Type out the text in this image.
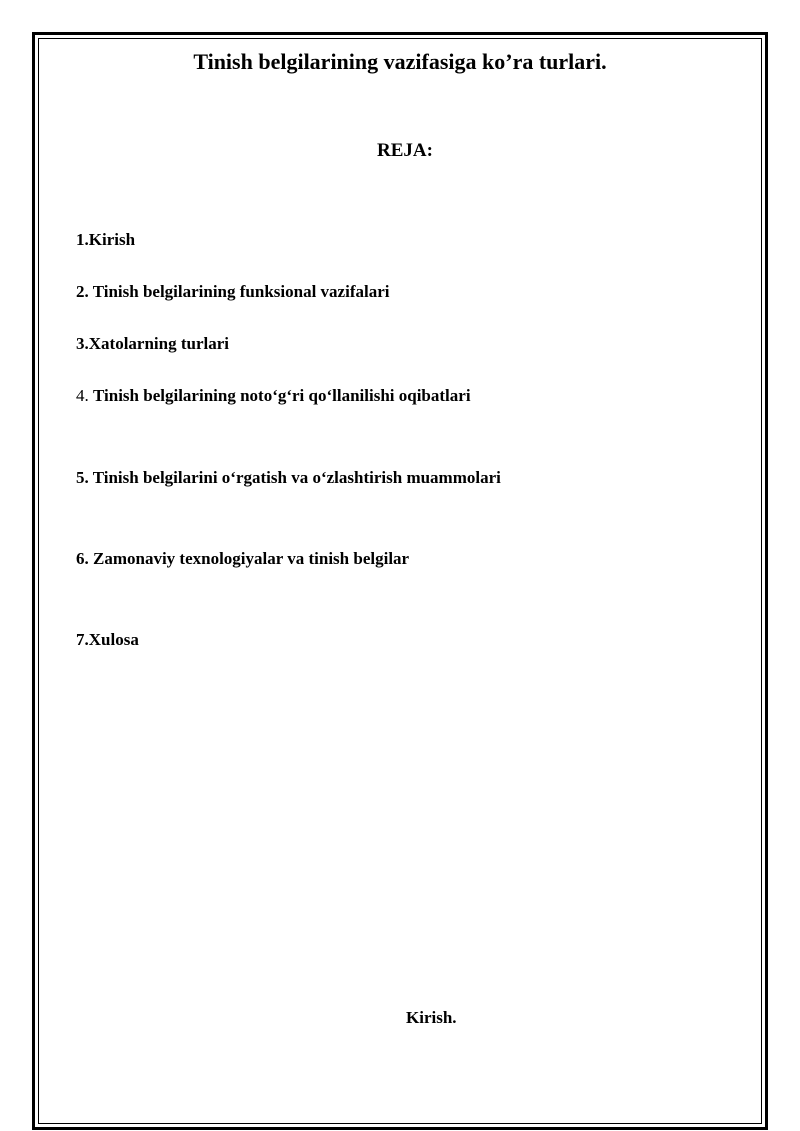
Tinish belgilarining vazifasiga ko’ra turlari.
REJA:
1.Kirish
2. Tinish belgilarining funksional vazifalari
3.Xatolarning turlari
4. Tinish belgilarining noto‘g‘ri qo‘llanilishi oqibatlari
5. Tinish belgilarini o‘rgatish va o‘zlashtirish muammolari
6. Zamonaviy texnologiyalar va tinish belgilar
7.Xulosa
Kirish.
